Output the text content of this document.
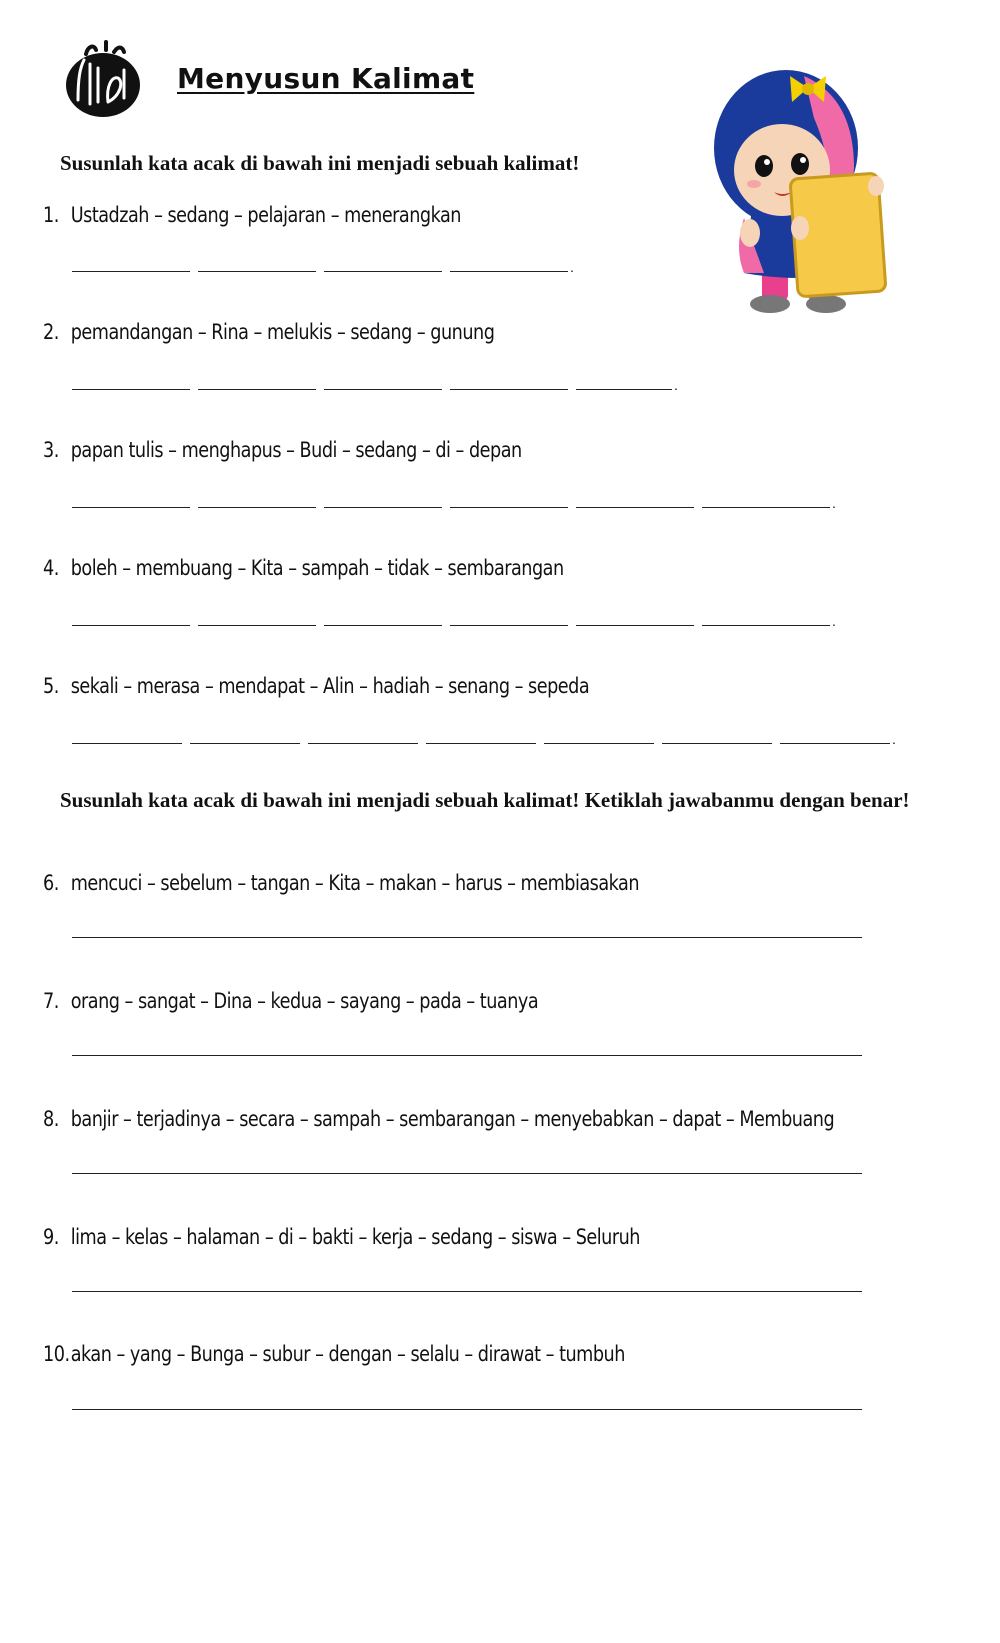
Menyusun Kalimat
Susunlah kata acak di bawah ini menjadi sebuah kalimat!
1. Ustadzah – sedang – pelajaran – menerangkan
.
2. pemandangan – Rina – melukis – sedang – gunung
.
3. papan tulis – menghapus – Budi – sedang – di – depan
.
4. boleh – membuang – Kita – sampah – tidak – sembarangan
.
5. sekali – merasa – mendapat – Alin – hadiah – senang – sepeda
.
Susunlah kata acak di bawah ini menjadi sebuah kalimat! Ketiklah jawabanmu dengan benar!
6. mencuci – sebelum – tangan – Kita – makan – harus – membiasakan
7. orang – sangat – Dina – kedua – sayang – pada – tuanya
8. banjir – terjadinya – secara – sampah – sembarangan – menyebabkan – dapat – Membuang
9. lima – kelas – halaman – di – bakti – kerja – sedang – siswa – Seluruh
10.akan – yang – Bunga – subur – dengan – selalu – dirawat – tumbuh
